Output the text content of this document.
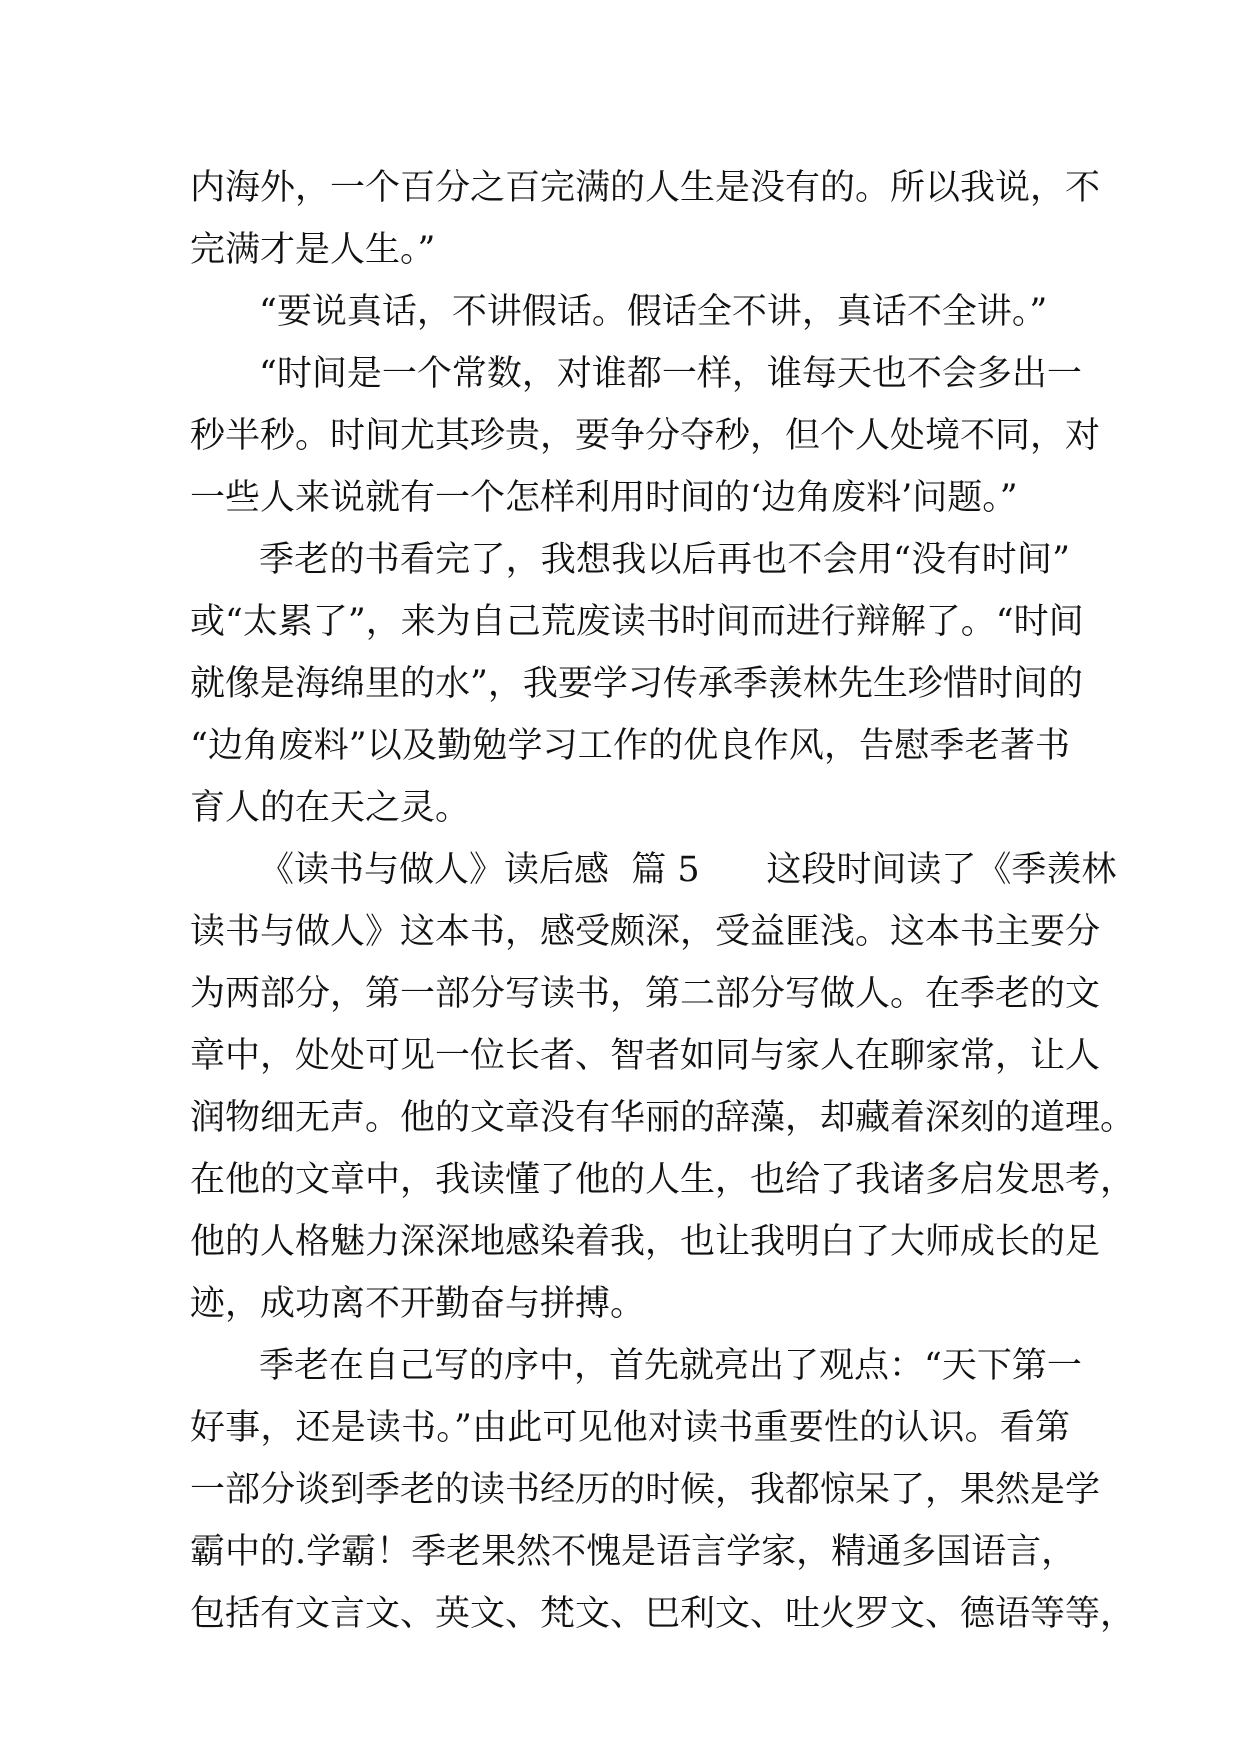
内海外，一个百分之百完满的人生是没有的。所以我说，不
完满才是人生。”
“要说真话，不讲假话。假话全不讲，真话不全讲。”
“时间是一个常数，对谁都一样，谁每天也不会多出一
秒半秒。时间尤其珍贵，要争分夺秒，但个人处境不同，对
一些人来说就有一个怎样利用时间的‘边角废料’问题。”
季老的书看完了，我想我以后再也不会用“没有时间”
或“太累了”，来为自己荒废读书时间而进行辩解了。“时间
就像是海绵里的水”，我要学习传承季羡林先生珍惜时间的
“边角废料”以及勤勉学习工作的优良作风，告慰季老著书
育人的在天之灵。
《读书与做人》读后感  篇 5      这段时间读了《季羡林
读书与做人》这本书，感受颇深，受益匪浅。这本书主要分
为两部分，第一部分写读书，第二部分写做人。在季老的文
章中，处处可见一位长者、智者如同与家人在聊家常，让人
润物细无声。他的文章没有华丽的辞藻，却藏着深刻的道理。
在他的文章中，我读懂了他的人生，也给了我诸多启发思考，
他的人格魅力深深地感染着我，也让我明白了大师成长的足
迹，成功离不开勤奋与拼搏。
季老在自己写的序中，首先就亮出了观点：“天下第一
好事，还是读书。”由此可见他对读书重要性的认识。看第
一部分谈到季老的读书经历的时候，我都惊呆了，果然是学
霸中的.学霸！季老果然不愧是语言学家，精通多国语言，
包括有文言文、英文、梵文、巴利文、吐火罗文、德语等等，
